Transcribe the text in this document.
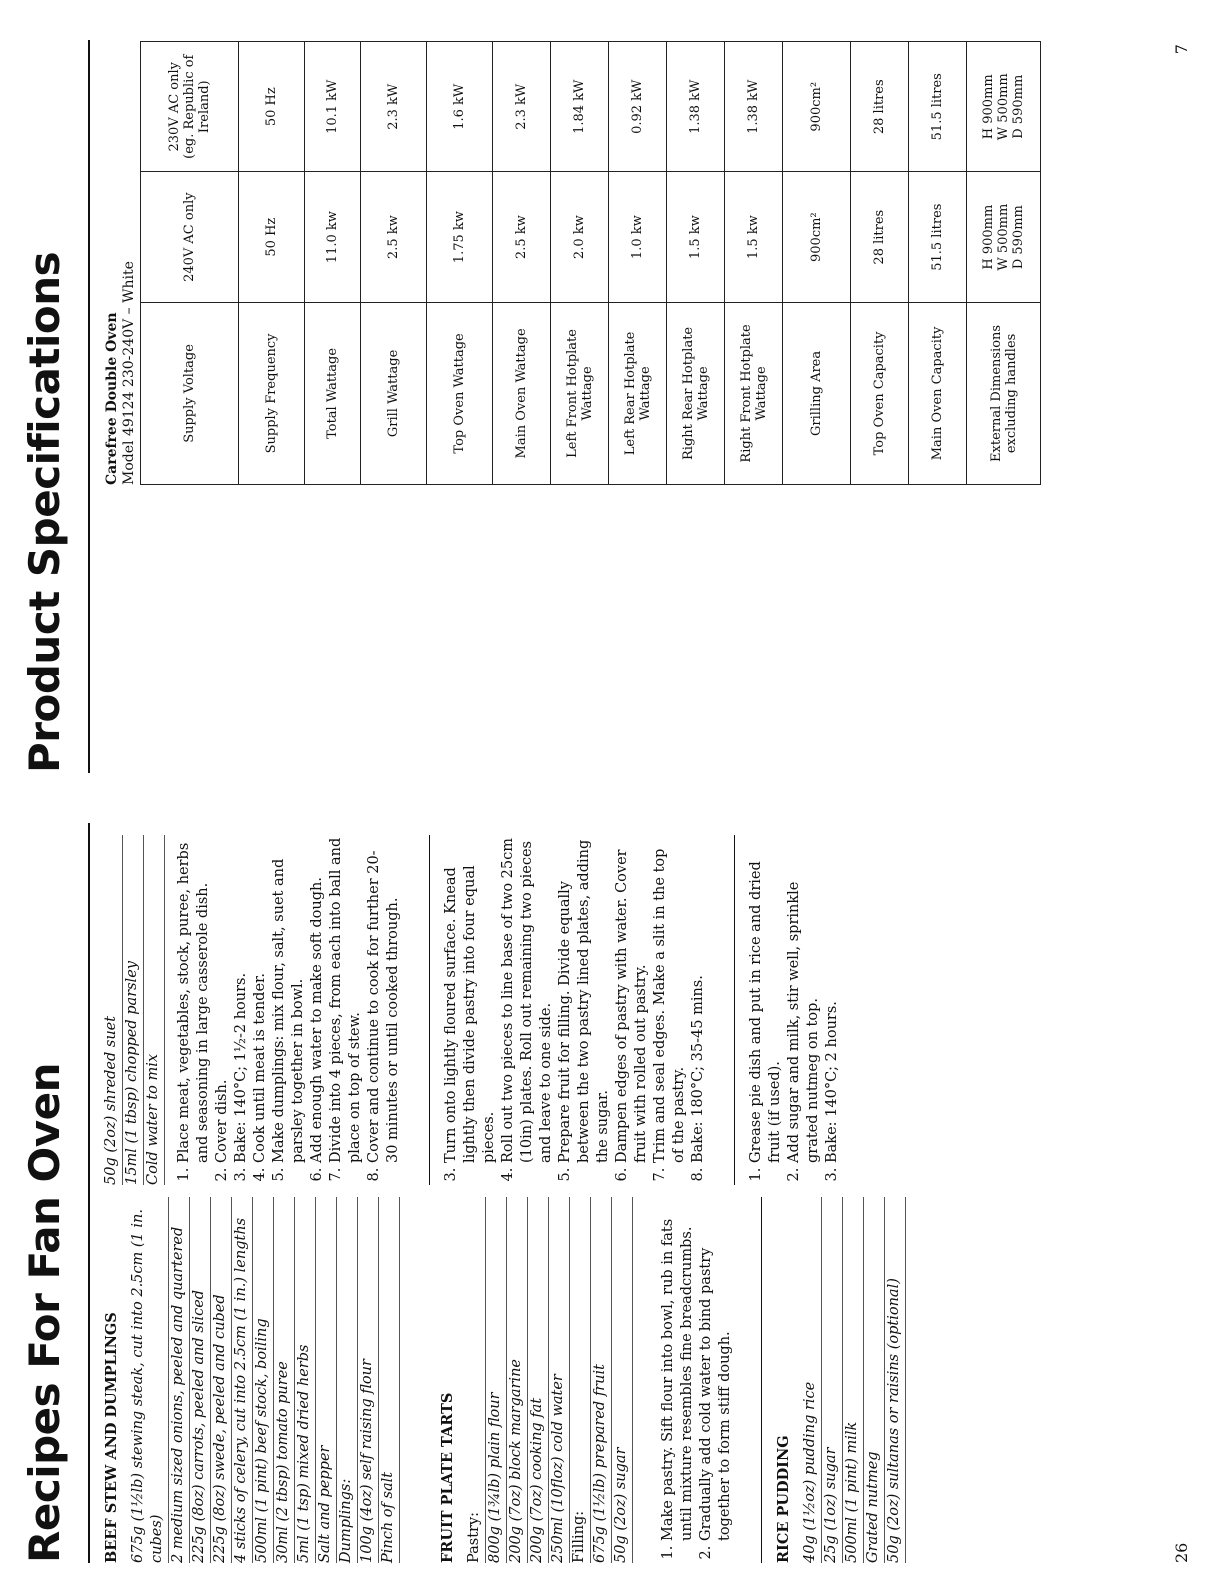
Recipes For Fan Oven BEEF STEW AND DUMPLINGS 675g (1½lb) stewing steak, cut into 2.5cm (1 in. cubes) 2 medium sized onions, peeled and quartered 225g (8oz) carrots, peeled and sliced 225g (8oz) swede, peeled and cubed 4 sticks of celery, cut into 2.5cm (1 in.) lengths 500ml (1 pint) beef stock, boiling 30ml (2 tbsp) tomato puree 5ml (1 tsp) mixed dried herbs Salt and pepper Dumplings: 100g (4oz) self raising flour Pinch of salt	FRUIT PLATE TARTS Pastry: 800g (1¾lb) plain flour 200g (7oz) block margarine 200g (7oz) cooking fat 250ml (10floz) cold water Filling: 675g (1½lb) prepared fruit 50g (2oz) sugar 1. Make pastry. Sift flour into bowl, rub in fats until mixture resembles fine breadcrumbs. 2. Gradually add cold water to bind pastry together to form stiff dough.	RICE PUDDING 40g (1½oz) pudding rice 25g (1oz) sugar 500ml (1 pint) milk Grated nutmeg 50g (2oz) sultanas or raisins (optional)
50g (2oz) shreded suet 15ml (1 tbsp) chopped parsley Cold water to mix 1. Place meat, vegetables, stock, puree, herbs and seasoning in large casserole dish. 2. Cover dish. 3. Bake: 140°C; 1½-2 hours. 4. Cook until meat is tender. 5. Make dumplings: mix flour, salt, suet and parsley together in bowl. 6. Add enough water to make soft dough. 7. Divide into 4 pieces, from each into ball and place on top of stew. 8. Cover and continue to cook for further 20-30 minutes or until cooked through.	3. Turn onto lightly floured surface. Knead lightly then divide pastry into four equal pieces. 4. Roll out two pieces to line base of two 25cm (10in) plates. Roll out remaining two pieces and leave to one side. 5. Prepare fruit for filling. Divide equally between the two pastry lined plates, adding the sugar. 6. Dampen edges of pastry with water. Cover fruit with rolled out pastry. 7. Trim and seal edges. Make a slit in the top of the pastry. 8. Bake: 180°C; 35-45 mins.	1. Grease pie dish and put in rice and dried fruit (if used). 2. Add sugar and milk, stir well, sprinkle grated nutmeg on top. 3. Bake: 140°C; 2 hours.
26
Product Specifications	Carefree Double Oven Model 49124 230-240V – White	Supply Voltage	240V AC only	230V AC only (eg. Republic of Ireland)

Supply Frequency	50 Hz	50 Hz

Total Wattage	11.0 kw	10.1 kW

Grill Wattage	2.5 kw	2.3 kW

Top Oven Wattage	1.75 kw	1.6 kW

Main Oven Wattage	2.5 kw	2.3 kW

Left Front Hotplate Wattage	2.0 kw	1.84 kW

Left Rear Hotplate Wattage	1.0 kw	0.92 kW

Right Rear Hotplate Wattage	1.5 kw	1.38 kW

Right Front Hotplate Wattage	1.5 kw	1.38 kW

Grilling Area	900cm²	900cm²

Top Oven Capacity	28 litres	28 litres

Main Oven Capacity	51.5 litres	51.5 litres

External Dimensions excluding handles	H 900mm W 500mm D 590mm	H 900mm W 500mm D 590mm
7
